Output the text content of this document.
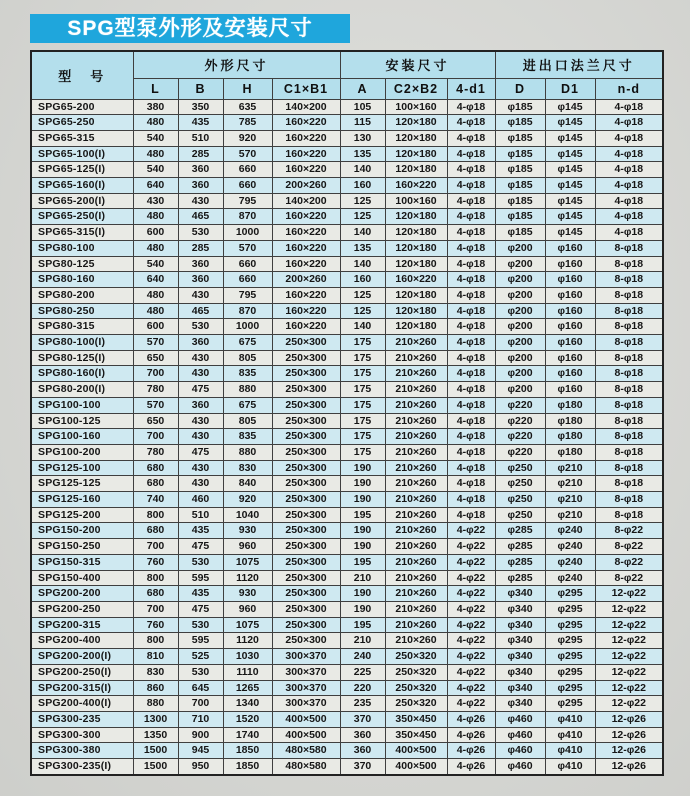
SPG型泵外形及安装尺寸
型　号	外形尺寸				安装尺寸			进出口法兰尺寸		
	L	B	H	C1×B1	A	C2×B2	4-d1	D	D1	n-d
SPG65-200	380	350	635	140×200	105	100×160	4-φ18	φ185	φ145	4-φ18
SPG65-250	480	435	785	160×220	115	120×180	4-φ18	φ185	φ145	4-φ18
SPG65-315	540	510	920	160×220	130	120×180	4-φ18	φ185	φ145	4-φ18
SPG65-100(I)	480	285	570	160×220	135	120×180	4-φ18	φ185	φ145	4-φ18
SPG65-125(I)	540	360	660	160×220	140	120×180	4-φ18	φ185	φ145	4-φ18
SPG65-160(I)	640	360	660	200×260	160	160×220	4-φ18	φ185	φ145	4-φ18
SPG65-200(I)	430	430	795	140×200	125	100×160	4-φ18	φ185	φ145	4-φ18
SPG65-250(I)	480	465	870	160×220	125	120×180	4-φ18	φ185	φ145	4-φ18
SPG65-315(I)	600	530	1000	160×220	140	120×180	4-φ18	φ185	φ145	4-φ18
SPG80-100	480	285	570	160×220	135	120×180	4-φ18	φ200	φ160	8-φ18
SPG80-125	540	360	660	160×220	140	120×180	4-φ18	φ200	φ160	8-φ18
SPG80-160	640	360	660	200×260	160	160×220	4-φ18	φ200	φ160	8-φ18
SPG80-200	480	430	795	160×220	125	120×180	4-φ18	φ200	φ160	8-φ18
SPG80-250	480	465	870	160×220	125	120×180	4-φ18	φ200	φ160	8-φ18
SPG80-315	600	530	1000	160×220	140	120×180	4-φ18	φ200	φ160	8-φ18
SPG80-100(I)	570	360	675	250×300	175	210×260	4-φ18	φ200	φ160	8-φ18
SPG80-125(I)	650	430	805	250×300	175	210×260	4-φ18	φ200	φ160	8-φ18
SPG80-160(I)	700	430	835	250×300	175	210×260	4-φ18	φ200	φ160	8-φ18
SPG80-200(I)	780	475	880	250×300	175	210×260	4-φ18	φ200	φ160	8-φ18
SPG100-100	570	360	675	250×300	175	210×260	4-φ18	φ220	φ180	8-φ18
SPG100-125	650	430	805	250×300	175	210×260	4-φ18	φ220	φ180	8-φ18
SPG100-160	700	430	835	250×300	175	210×260	4-φ18	φ220	φ180	8-φ18
SPG100-200	780	475	880	250×300	175	210×260	4-φ18	φ220	φ180	8-φ18
SPG125-100	680	430	830	250×300	190	210×260	4-φ18	φ250	φ210	8-φ18
SPG125-125	680	430	840	250×300	190	210×260	4-φ18	φ250	φ210	8-φ18
SPG125-160	740	460	920	250×300	190	210×260	4-φ18	φ250	φ210	8-φ18
SPG125-200	800	510	1040	250×300	195	210×260	4-φ18	φ250	φ210	8-φ18
SPG150-200	680	435	930	250×300	190	210×260	4-φ22	φ285	φ240	8-φ22
SPG150-250	700	475	960	250×300	190	210×260	4-φ22	φ285	φ240	8-φ22
SPG150-315	760	530	1075	250×300	195	210×260	4-φ22	φ285	φ240	8-φ22
SPG150-400	800	595	1120	250×300	210	210×260	4-φ22	φ285	φ240	8-φ22
SPG200-200	680	435	930	250×300	190	210×260	4-φ22	φ340	φ295	12-φ22
SPG200-250	700	475	960	250×300	190	210×260	4-φ22	φ340	φ295	12-φ22
SPG200-315	760	530	1075	250×300	195	210×260	4-φ22	φ340	φ295	12-φ22
SPG200-400	800	595	1120	250×300	210	210×260	4-φ22	φ340	φ295	12-φ22
SPG200-200(I)	810	525	1030	300×370	240	250×320	4-φ22	φ340	φ295	12-φ22
SPG200-250(I)	830	530	1110	300×370	225	250×320	4-φ22	φ340	φ295	12-φ22
SPG200-315(I)	860	645	1265	300×370	220	250×320	4-φ22	φ340	φ295	12-φ22
SPG200-400(I)	880	700	1340	300×370	235	250×320	4-φ22	φ340	φ295	12-φ22
SPG300-235	1300	710	1520	400×500	370	350×450	4-φ26	φ460	φ410	12-φ26
SPG300-300	1350	900	1740	400×500	360	350×450	4-φ26	φ460	φ410	12-φ26
SPG300-380	1500	945	1850	480×580	360	400×500	4-φ26	φ460	φ410	12-φ26
SPG300-235(I)	1500	950	1850	480×580	370	400×500	4-φ26	φ460	φ410	12-φ26
